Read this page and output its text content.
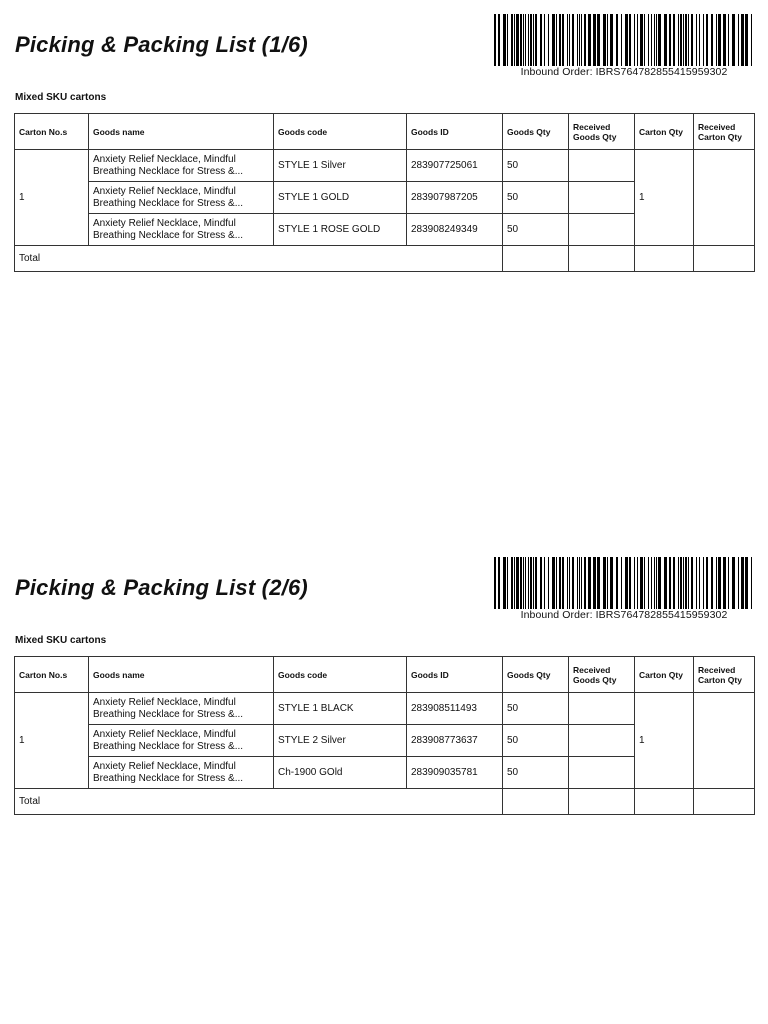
Picking & Packing List (1/6)
Inbound Order: IBRS764782855415959302
Mixed SKU cartons
Carton No.s	Goods name	Goods code	Goods ID	Goods Qty	Received
Goods Qty	Carton Qty	Received
Carton Qty
1	Anxiety Relief Necklace, Mindful
Breathing Necklace for Stress &...	STYLE 1 Silver	283907725061	50		1	

	Anxiety Relief Necklace, Mindful
Breathing Necklace for Stress &...	STYLE 1 GOLD	283907987205	50			

	Anxiety Relief Necklace, Mindful
Breathing Necklace for Stress &...	STYLE 1 ROSE GOLD	283908249349	50			
Total							
Picking & Packing List (2/6)
Inbound Order: IBRS764782855415959302
Mixed SKU cartons
Carton No.s	Goods name	Goods code	Goods ID	Goods Qty	Received
Goods Qty	Carton Qty	Received
Carton Qty
1	Anxiety Relief Necklace, Mindful
Breathing Necklace for Stress &...	STYLE 1 BLACK	283908511493	50		1	

	Anxiety Relief Necklace, Mindful
Breathing Necklace for Stress &...	STYLE 2 Silver	283908773637	50			

	Anxiety Relief Necklace, Mindful
Breathing Necklace for Stress &...	Ch-1900 GOld	283909035781	50			
Total							
